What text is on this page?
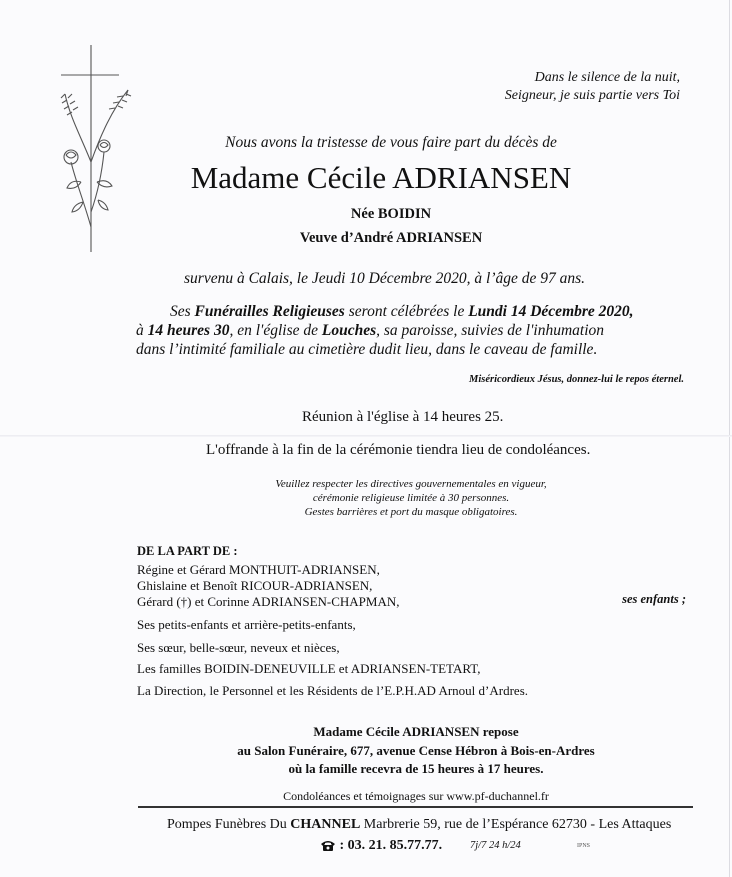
Dans le silence de la nuit,
Seigneur, je suis partie vers Toi
Nous avons la tristesse de vous faire part du décès de
Madame Cécile ADRIANSEN
Née BOIDIN
Veuve d’André ADRIANSEN
survenu à Calais, le Jeudi 10 Décembre 2020, à l’âge de 97 ans.
Ses Funérailles Religieuses seront célébrées le Lundi 14 Décembre 2020,
à 14 heures 30, en l'église de Louches, sa paroisse, suivies de l'inhumation
dans l’intimité familiale au cimetière dudit lieu, dans le caveau de famille.
Miséricordieux Jésus, donnez-lui le repos éternel.
Réunion à l'église à 14 heures 25.
L'offrande à la fin de la cérémonie tiendra lieu de condoléances.
Veuillez respecter les directives gouvernementales en vigueur,
cérémonie religieuse limitée à 30 personnes.
Gestes barrières et port du masque obligatoires.
DE LA PART DE :
Régine et Gérard MONTHUIT-ADRIANSEN,
Ghislaine et Benoît RICOUR-ADRIANSEN,
Gérard (†) et Corinne ADRIANSEN-CHAPMAN,	ses enfants ;
Ses petits-enfants et arrière-petits-enfants,
Ses sœur, belle-sœur, neveux et nièces,
Les familles BOIDIN-DENEUVILLE et ADRIANSEN-TETART,
La Direction, le Personnel et les Résidents de l’E.P.H.AD Arnoul d’Ardres.
Madame Cécile ADRIANSEN repose
au Salon Funéraire, 677, avenue Cense Hébron à Bois-en-Ardres
où la famille recevra de 15 heures à 17 heures.
Condoléances et témoignages sur www.pf-duchannel.fr
Pompes Funèbres Du CHANNEL Marbrerie 59, rue de l’Espérance 62730 - Les Attaques
: 03. 21. 85.77.77.	7j/7 24 h/24	IPNS
